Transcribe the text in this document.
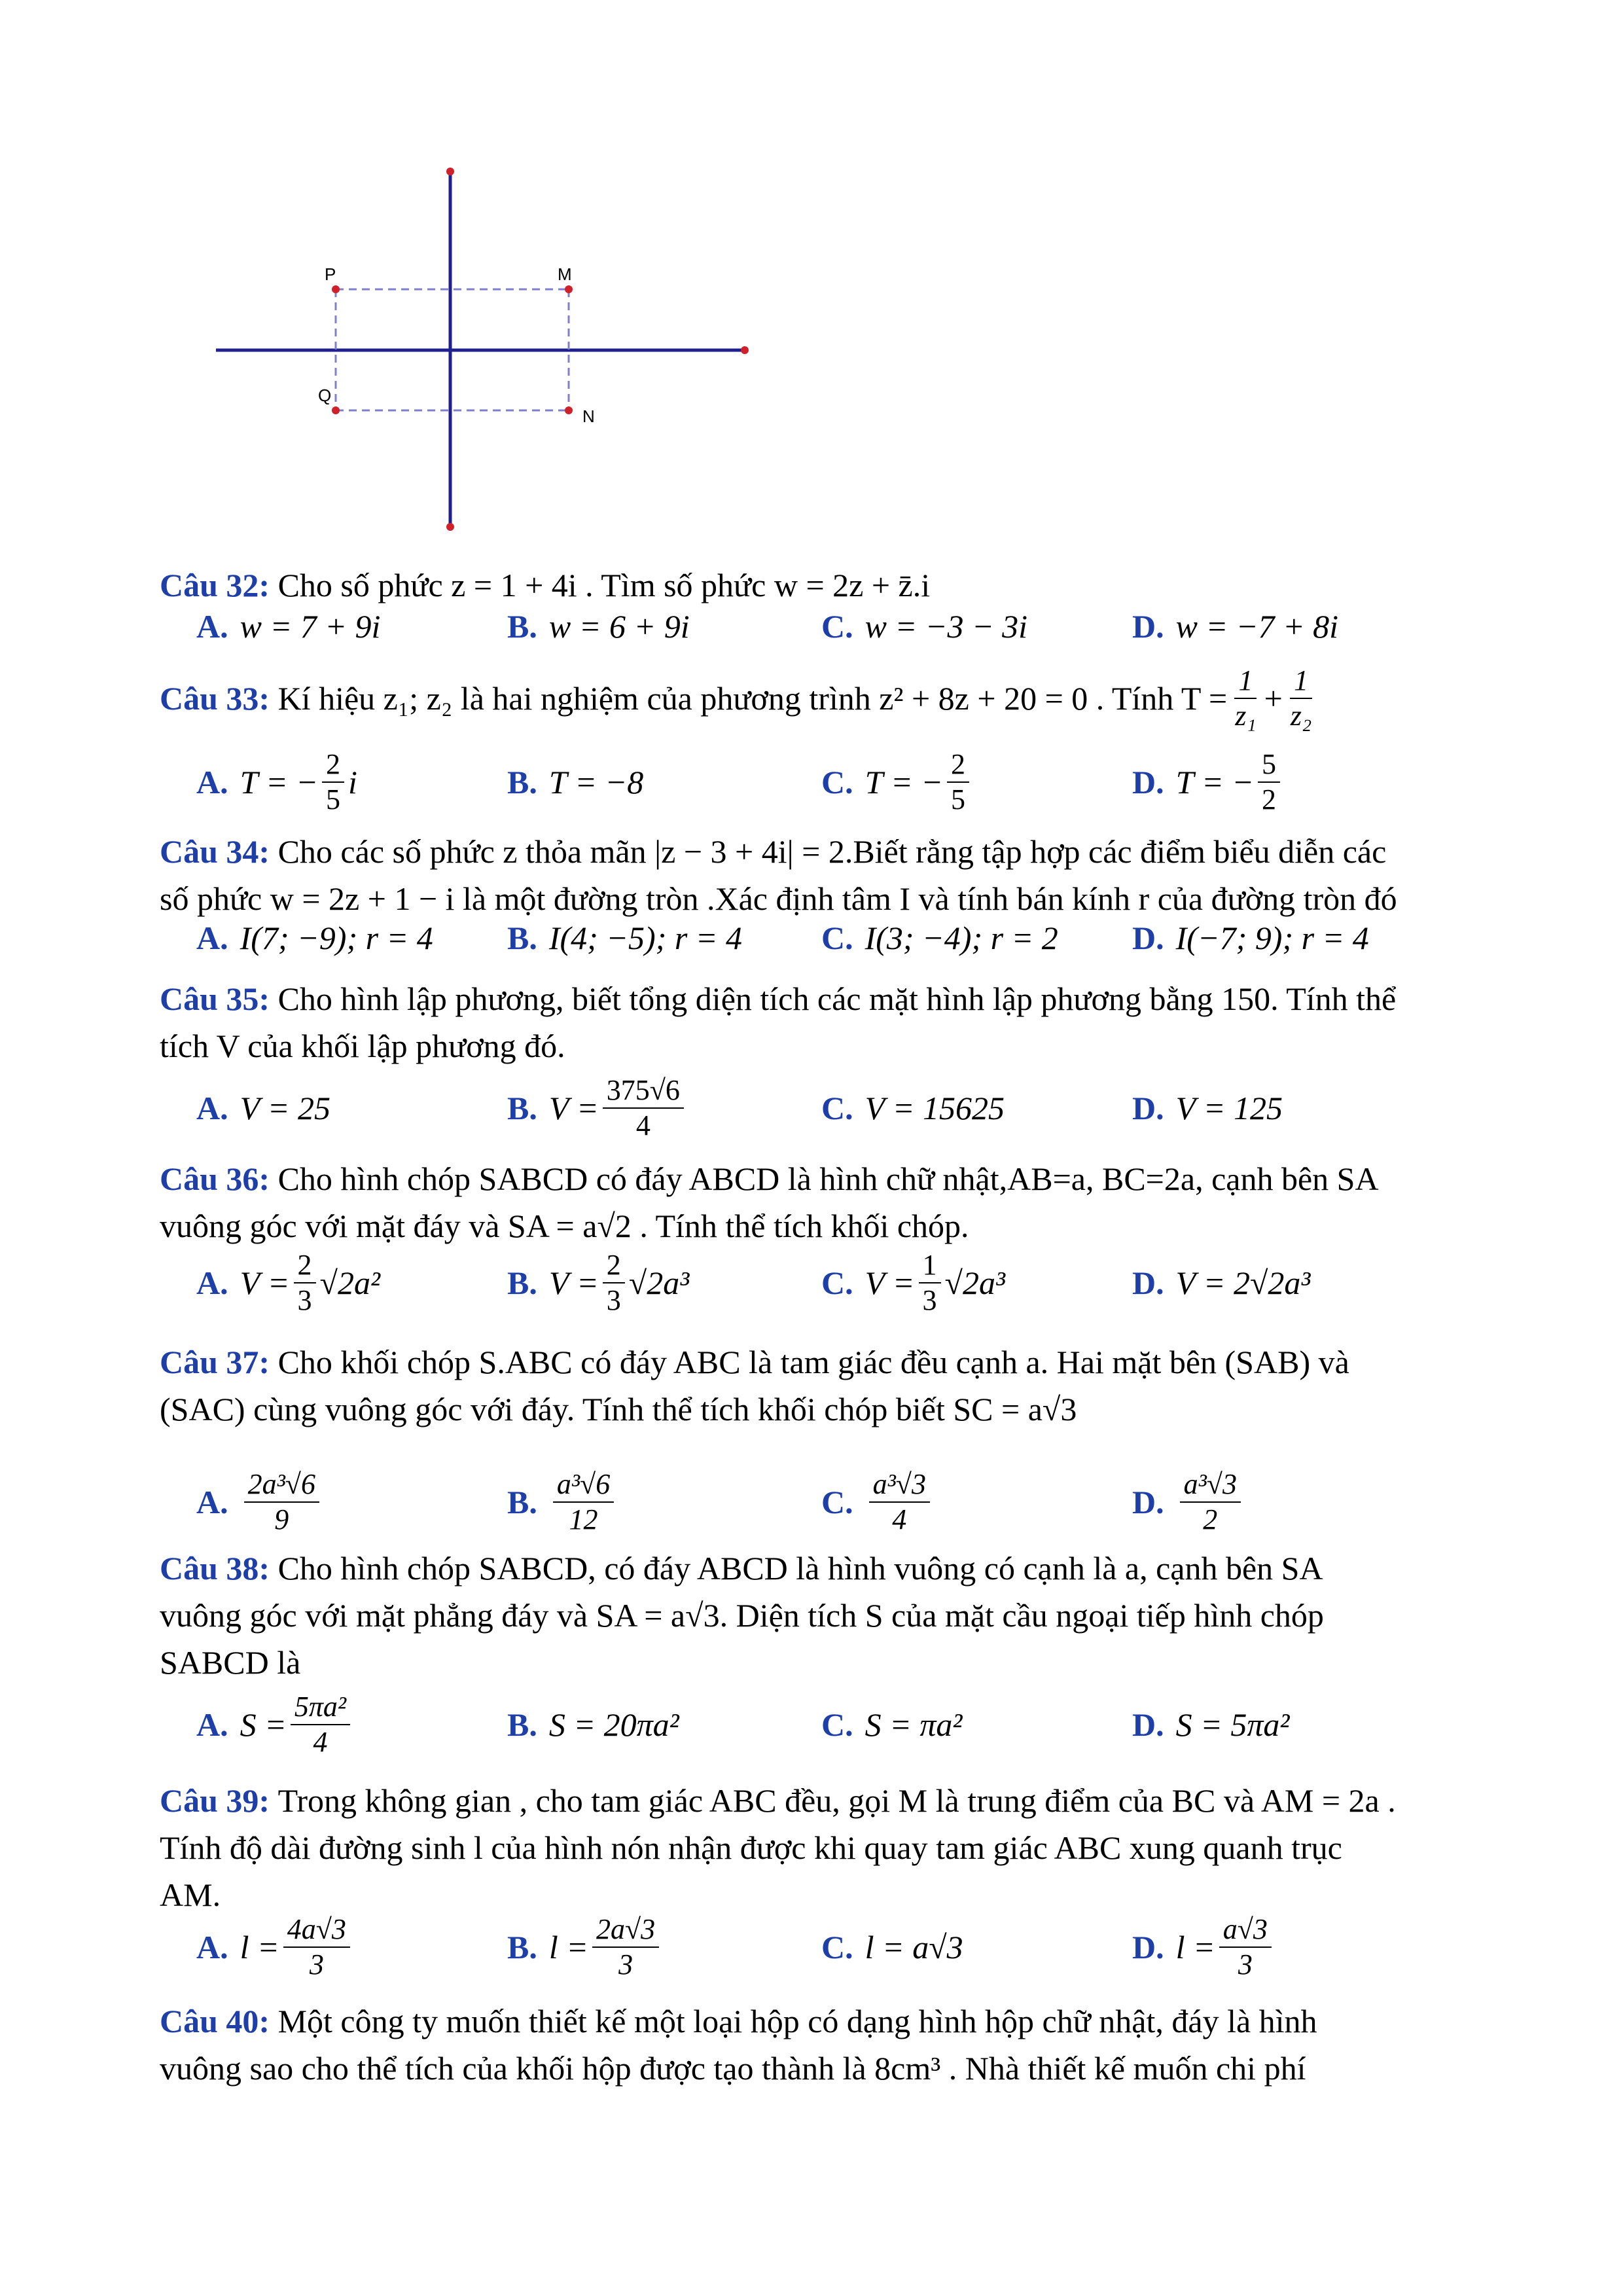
P	M
Q
N
Câu 32: Cho số phức z = 1 + 4i . Tìm số phức w = 2z + z̄.i
A. w = 7 + 9i	B. w = 6 + 9i	C. w = −3 − 3i	D. w = −7 + 8i
Câu 33:
Kí hiệu z₁; z₂ là hai nghiệm của phương trình z² + 8z + 20 = 0 . Tính $T = \frac{1}{\text{z₁}} + \frac{1}{\text{z₂}}$
A. T = − $\frac{2}{5}$ i	B. T = −8	C. T = − $\frac{2}{5}$	D. T = − $\frac{5}{2}$
Câu 34: Cho các số phức z thỏa mãn |z − 3 + 4i| = 2.Biết rằng tập hợp các điểm biểu diễn các
số phức w = 2z + 1 − i là một đường tròn .Xác định tâm I và tính bán kính r của đường tròn đó
A. I(7; −9); r = 4 B. I(4; −5); r = 4 C. I(3; −4); r = 2 D. I(−7; 9); r = 4
Câu 35: Cho hình lập phương, biết tổng diện tích các mặt hình lập phương bằng 150. Tính thể
tích V của khối lập phương đó.
A. V = 25	B. $V = \frac{375√6}{4}$	C. V = 15625	D. V = 125
Câu 36: Cho hình chóp SABCD có đáy ABCD là hình chữ nhật,AB=a, BC=2a, cạnh bên SA
vuông góc với mặt đáy và SA = a√2 . Tính thể tích khối chóp.
A. $V = \frac{2}{3} √2a^2$	B. $V = \frac{2}{3} √2a^3$	C. $V = \frac{1}{3} √2a^3$	D. V = 2√2a³
Câu 37: Cho khối chóp S.ABC có đáy ABC là tam giác đều cạnh a. Hai mặt bên (SAB) và
(SAC) cùng vuông góc với đáy. Tính thể tích khối chóp biết SC = a√3
A. $\frac{\text{2a³√6}}{9}$	B. $\frac{\text{a³√6}}{12}$	C. $\frac{\text{a³√3}}{4}$	D. $\frac{\text{a³√3}}{2}$
Câu 38: Cho hình chóp SABCD, có đáy ABCD là hình vuông có cạnh là a, cạnh bên SA
vuông góc với mặt phẳng đáy và SA = a√3. Diện tích S của mặt cầu ngoại tiếp hình chóp
SABCD là
A. $S = \frac{\text{5πa²}}{4}$	B. S = 20πa²	C. S = πa²	D. S = 5πa²
Câu 39: Trong không gian , cho tam giác ABC đều, gọi M là trung điểm của BC và AM = 2a .
Tính độ dài đường sinh l của hình nón nhận được khi quay tam giác ABC xung quanh trục
AM.
A. $l = \frac{4a√3}{3}$	B. $l = \frac{2a√3}{3}$	C. l = a√3	D. $l = \frac{a√3}{3}$
Câu 40: Một công ty muốn thiết kế một loại hộp có dạng hình hộp chữ nhật, đáy là hình
vuông sao cho thể tích của khối hộp được tạo thành là 8cm³ . Nhà thiết kế muốn chi phí
